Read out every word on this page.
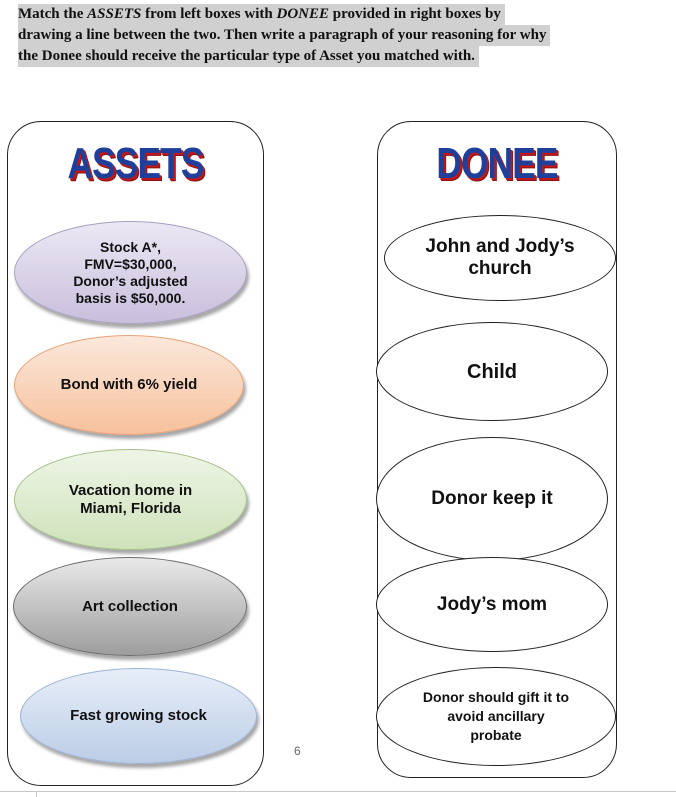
Match the ASSETS from left boxes with DONEE provided in right boxes by
drawing a line between the two. Then write a paragraph of your reasoning for why
the Donee should receive the particular type of Asset you matched with.
ASSETS	DONEE
Stock A*,
FMV=$30,000,
Donor’s adjusted
basis is $50,000.
Bond with 6% yield
Vacation home in
Miami, Florida
Art collection
Fast growing stock
John and Jody’s
church
Child
Donor keep it
Jody’s mom
Donor should gift it to
avoid ancillary
probate
6
